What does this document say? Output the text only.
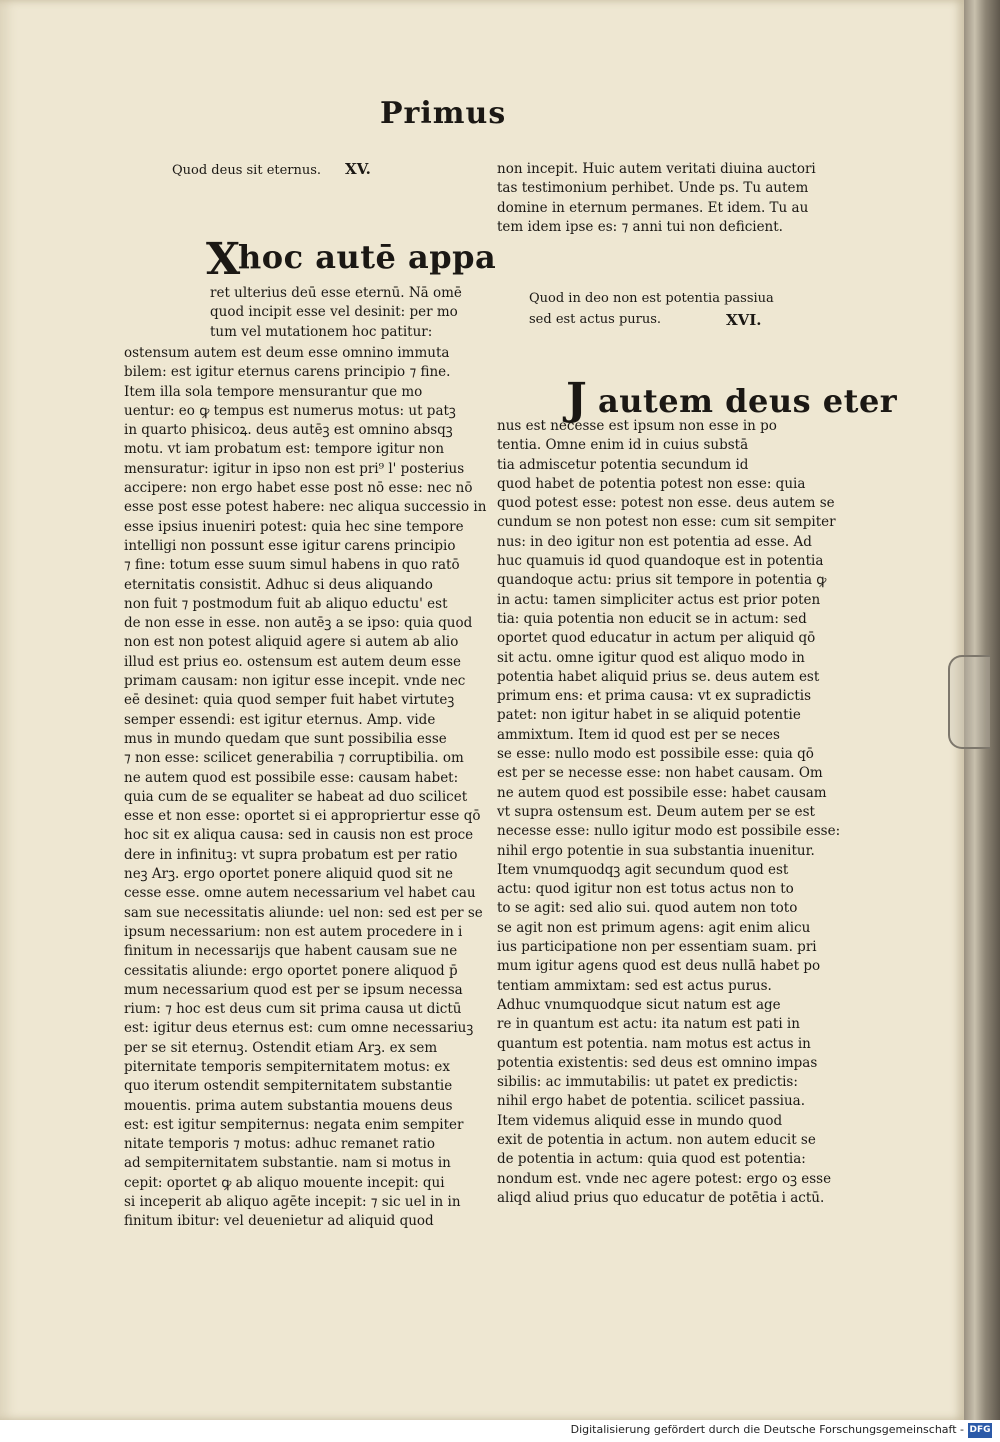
Primus
Quod deus sit eternus. XV.
X
hoc autē appa
ret ulterius deū esse eternū. Nā omē
quod incipit esse vel desinit: per mo
tum vel mutationem hoc patitur:
ostensum autem est deum esse omnino immuta
bilem: est igitur eternus carens principio ⁊ fine.
Item illa sola tempore mensurantur que mo
uentur: eo ꝙ tempus est numerus motus: ut patꝫ
in quarto phisicoꝝ. deus autēꝫ est omnino absqꝫ
motu. vt iam probatum est: tempore igitur non
mensuratur: igitur in ipso non est pri⁹ l' posterius
accipere: non ergo habet esse post nō esse: nec nō
esse post esse potest habere: nec aliqua successio in
esse ipsius inueniri potest: quia hec sine tempore
intelligi non possunt esse igitur carens principio
⁊ fine: totum esse suum simul habens in quo ratō
eternitatis consistit. Adhuc si deus aliquando
non fuit ⁊ postmodum fuit ab aliquo eductu' est
de non esse in esse. non autēꝫ a se ipso: quia quod
non est non potest aliquid agere si autem ab alio
illud est prius eo. ostensum est autem deum esse
primam causam: non igitur esse incepit. vnde nec
eē desinet: quia quod semper fuit habet virtuteꝫ
semper essendi: est igitur eternus. Amp. vide
mus in mundo quedam que sunt possibilia esse
⁊ non esse: scilicet generabilia ⁊ corruptibilia. om
ne autem quod est possibile esse: causam habet:
quia cum de se equaliter se habeat ad duo scilicet
esse et non esse: oportet si ei appropriertur esse qō
hoc sit ex aliqua causa: sed in causis non est proce
dere in infinituꝫ: vt supra probatum est per ratio
neꝫ Arꝫ. ergo oportet ponere aliquid quod sit ne
cesse esse. omne autem necessarium vel habet cau
sam sue necessitatis aliunde: uel non: sed est per se
ipsum necessarium: non est autem procedere in i
finitum in necessarijs que habent causam sue ne
cessitatis aliunde: ergo oportet ponere aliquod p̄
mum necessarium quod est per se ipsum necessa
rium: ⁊ hoc est deus cum sit prima causa ut dictū
est: igitur deus eternus est: cum omne necessariuꝫ
per se sit eternuꝫ. Ostendit etiam Arꝫ. ex sem
piternitate temporis sempiternitatem motus: ex
quo iterum ostendit sempiternitatem substantie
mouentis. prima autem substantia mouens deus
est: est igitur sempiternus: negata enim sempiter
nitate temporis ⁊ motus: adhuc remanet ratio
ad sempiternitatem substantie. nam si motus in
cepit: oportet ꝙ ab aliquo mouente incepit: qui
si inceperit ab aliquo agēte incepit: ⁊ sic uel in in
finitum ibitur: vel deuenietur ad aliquid quod
non incepit. Huic autem veritati diuina auctori
tas testimonium perhibet. Unde ps. Tu autem
domine in eternum permanes. Et idem. Tu au
tem idem ipse es: ⁊ anni tui non deficient.
Quod in deo non est potentia passiua
sed est actus purus.	XVI.
J autem deus eter
nus est necesse est ipsum non esse in po
tentia. Omne enim id in cuius substā
tia admiscetur potentia secundum id
quod habet de potentia potest non esse: quia
quod potest esse: potest non esse. deus autem se
cundum se non potest non esse: cum sit sempiter
nus: in deo igitur non est potentia ad esse. Ad
huc quamuis id quod quandoque est in potentia
quandoque actu: prius sit tempore in potentia ꝙ
in actu: tamen simpliciter actus est prior poten
tia: quia potentia non educit se in actum: sed
oportet quod educatur in actum per aliquid qō
sit actu. omne igitur quod est aliquo modo in
potentia habet aliquid prius se. deus autem est
primum ens: et prima causa: vt ex supradictis
patet: non igitur habet in se aliquid potentie
ammixtum. Item id quod est per se neces
se esse: nullo modo est possibile esse: quia qō
est per se necesse esse: non habet causam. Om
ne autem quod est possibile esse: habet causam
vt supra ostensum est. Deum autem per se est
necesse esse: nullo igitur modo est possibile esse:
nihil ergo potentie in sua substantia inuenitur.
Item vnumquodqꝫ agit secundum quod est
actu: quod igitur non est totus actus non to
to se agit: sed alio sui. quod autem non toto
se agit non est primum agens: agit enim alicu
ius participatione non per essentiam suam. pri
mum igitur agens quod est deus nullā habet po
tentiam ammixtam: sed est actus purus.
Adhuc vnumquodque sicut natum est age
re in quantum est actu: ita natum est pati in
quantum est potentia. nam motus est actus in
potentia existentis: sed deus est omnino impas
sibilis: ac immutabilis: ut patet ex predictis:
nihil ergo habet de potentia. scilicet passiua.
Item videmus aliquid esse in mundo quod
exit de potentia in actum. non autem educit se
de potentia in actum: quia quod est potentia:
nondum est. vnde nec agere potest: ergo oꝫ esse
aliqd aliud prius quo educatur de potētia i actū.
Digitalisierung gefördert durch die Deutsche Forschungsgemeinschaft - DFG
